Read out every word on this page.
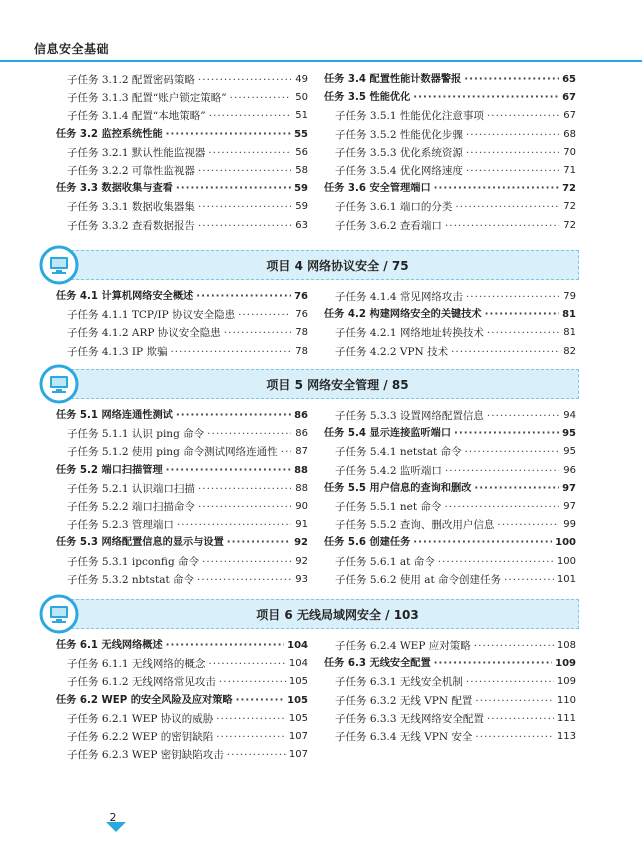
信息安全基础
子任务 3.1.2 配置密码策略 ·····	49
子任务 3.1.3 配置“账户锁定策略” ·····	50
子任务 3.1.4 配置“本地策略” ·····	51
任务 3.2 监控系统性能 ·····	55
子任务 3.2.1 默认性能监视器 ·····	56
子任务 3.2.2 可靠性监视器 ·····	58
任务 3.3 数据收集与查看 ·····	59
子任务 3.3.1 数据收集器集 ·····	59
子任务 3.3.2 查看数据报告 ·····	63
任务 3.4 配置性能计数器警报 ·····	65
任务 3.5 性能优化 ·····	67
子任务 3.5.1 性能优化注意事项 ·····	67
子任务 3.5.2 性能优化步骤 ·····	68
子任务 3.5.3 优化系统资源 ·····	70
子任务 3.5.4 优化网络速度 ·····	71
任务 3.6 安全管理端口 ·····	72
子任务 3.6.1 端口的分类 ·····	72
子任务 3.6.2 查看端口 ·····	72
项目 4 网络协议安全 / 75
任务 4.1 计算机网络安全概述 ·····	76
子任务 4.1.1 TCP/IP 协议安全隐患 ·····	76
子任务 4.1.2 ARP 协议安全隐患 ·····	78
子任务 4.1.3 IP 欺骗 ·····	78
子任务 4.1.4 常见网络攻击 ·····	79
任务 4.2 构建网络安全的关键技术 ·····	81
子任务 4.2.1 网络地址转换技术 ·····	81
子任务 4.2.2 VPN 技术 ·····	82
项目 5 网络安全管理 / 85
任务 5.1 网络连通性测试 ·····	86
子任务 5.1.1 认识 ping 命令 ·····	86
子任务 5.1.2 使用 ping 命令测试网络连通性 ····· 87
任务 5.2 端口扫描管理 ·····	88
子任务 5.2.1 认识端口扫描 ·····	88
子任务 5.2.2 端口扫描命令 ·····	90
子任务 5.2.3 管理端口 ·····	91
任务 5.3 网络配置信息的显示与设置 ·····	92
子任务 5.3.1 ipconfig 命令 ·····	92
子任务 5.3.2 nbtstat 命令 ·····	93
子任务 5.3.3 设置网络配置信息 ·····	94
任务 5.4 显示连接监听端口 ·····	95
子任务 5.4.1 netstat 命令 ·····	95
子任务 5.4.2 监听端口 ·····	96
任务 5.5 用户信息的查询和删改 ·····	97
子任务 5.5.1 net 命令 ·····	97
子任务 5.5.2 查询、删改用户信息 ·····	99
任务 5.6 创建任务 ·····	100
子任务 5.6.1 at 命令 ·····	100
子任务 5.6.2 使用 at 命令创建任务 ·····	101
项目 6 无线局域网安全 / 103
任务 6.1 无线网络概述 ·····	104
子任务 6.1.1 无线网络的概念 ·····	104
子任务 6.1.2 无线网络常见攻击 ·····	105
任务 6.2 WEP 的安全风险及应对策略 ·····	105
子任务 6.2.1 WEP 协议的威胁 ·····	105
子任务 6.2.2 WEP 的密钥缺陷 ·····	107
子任务 6.2.3 WEP 密钥缺陷攻击 ·····	107
子任务 6.2.4 WEP 应对策略 ·····	108
任务 6.3 无线安全配置 ·····	109
子任务 6.3.1 无线安全机制 ·····	109
子任务 6.3.2 无线 VPN 配置 ·····	110
子任务 6.3.3 无线网络安全配置 ·····	111
子任务 6.3.4 无线 VPN 安全 ·····	113
2
